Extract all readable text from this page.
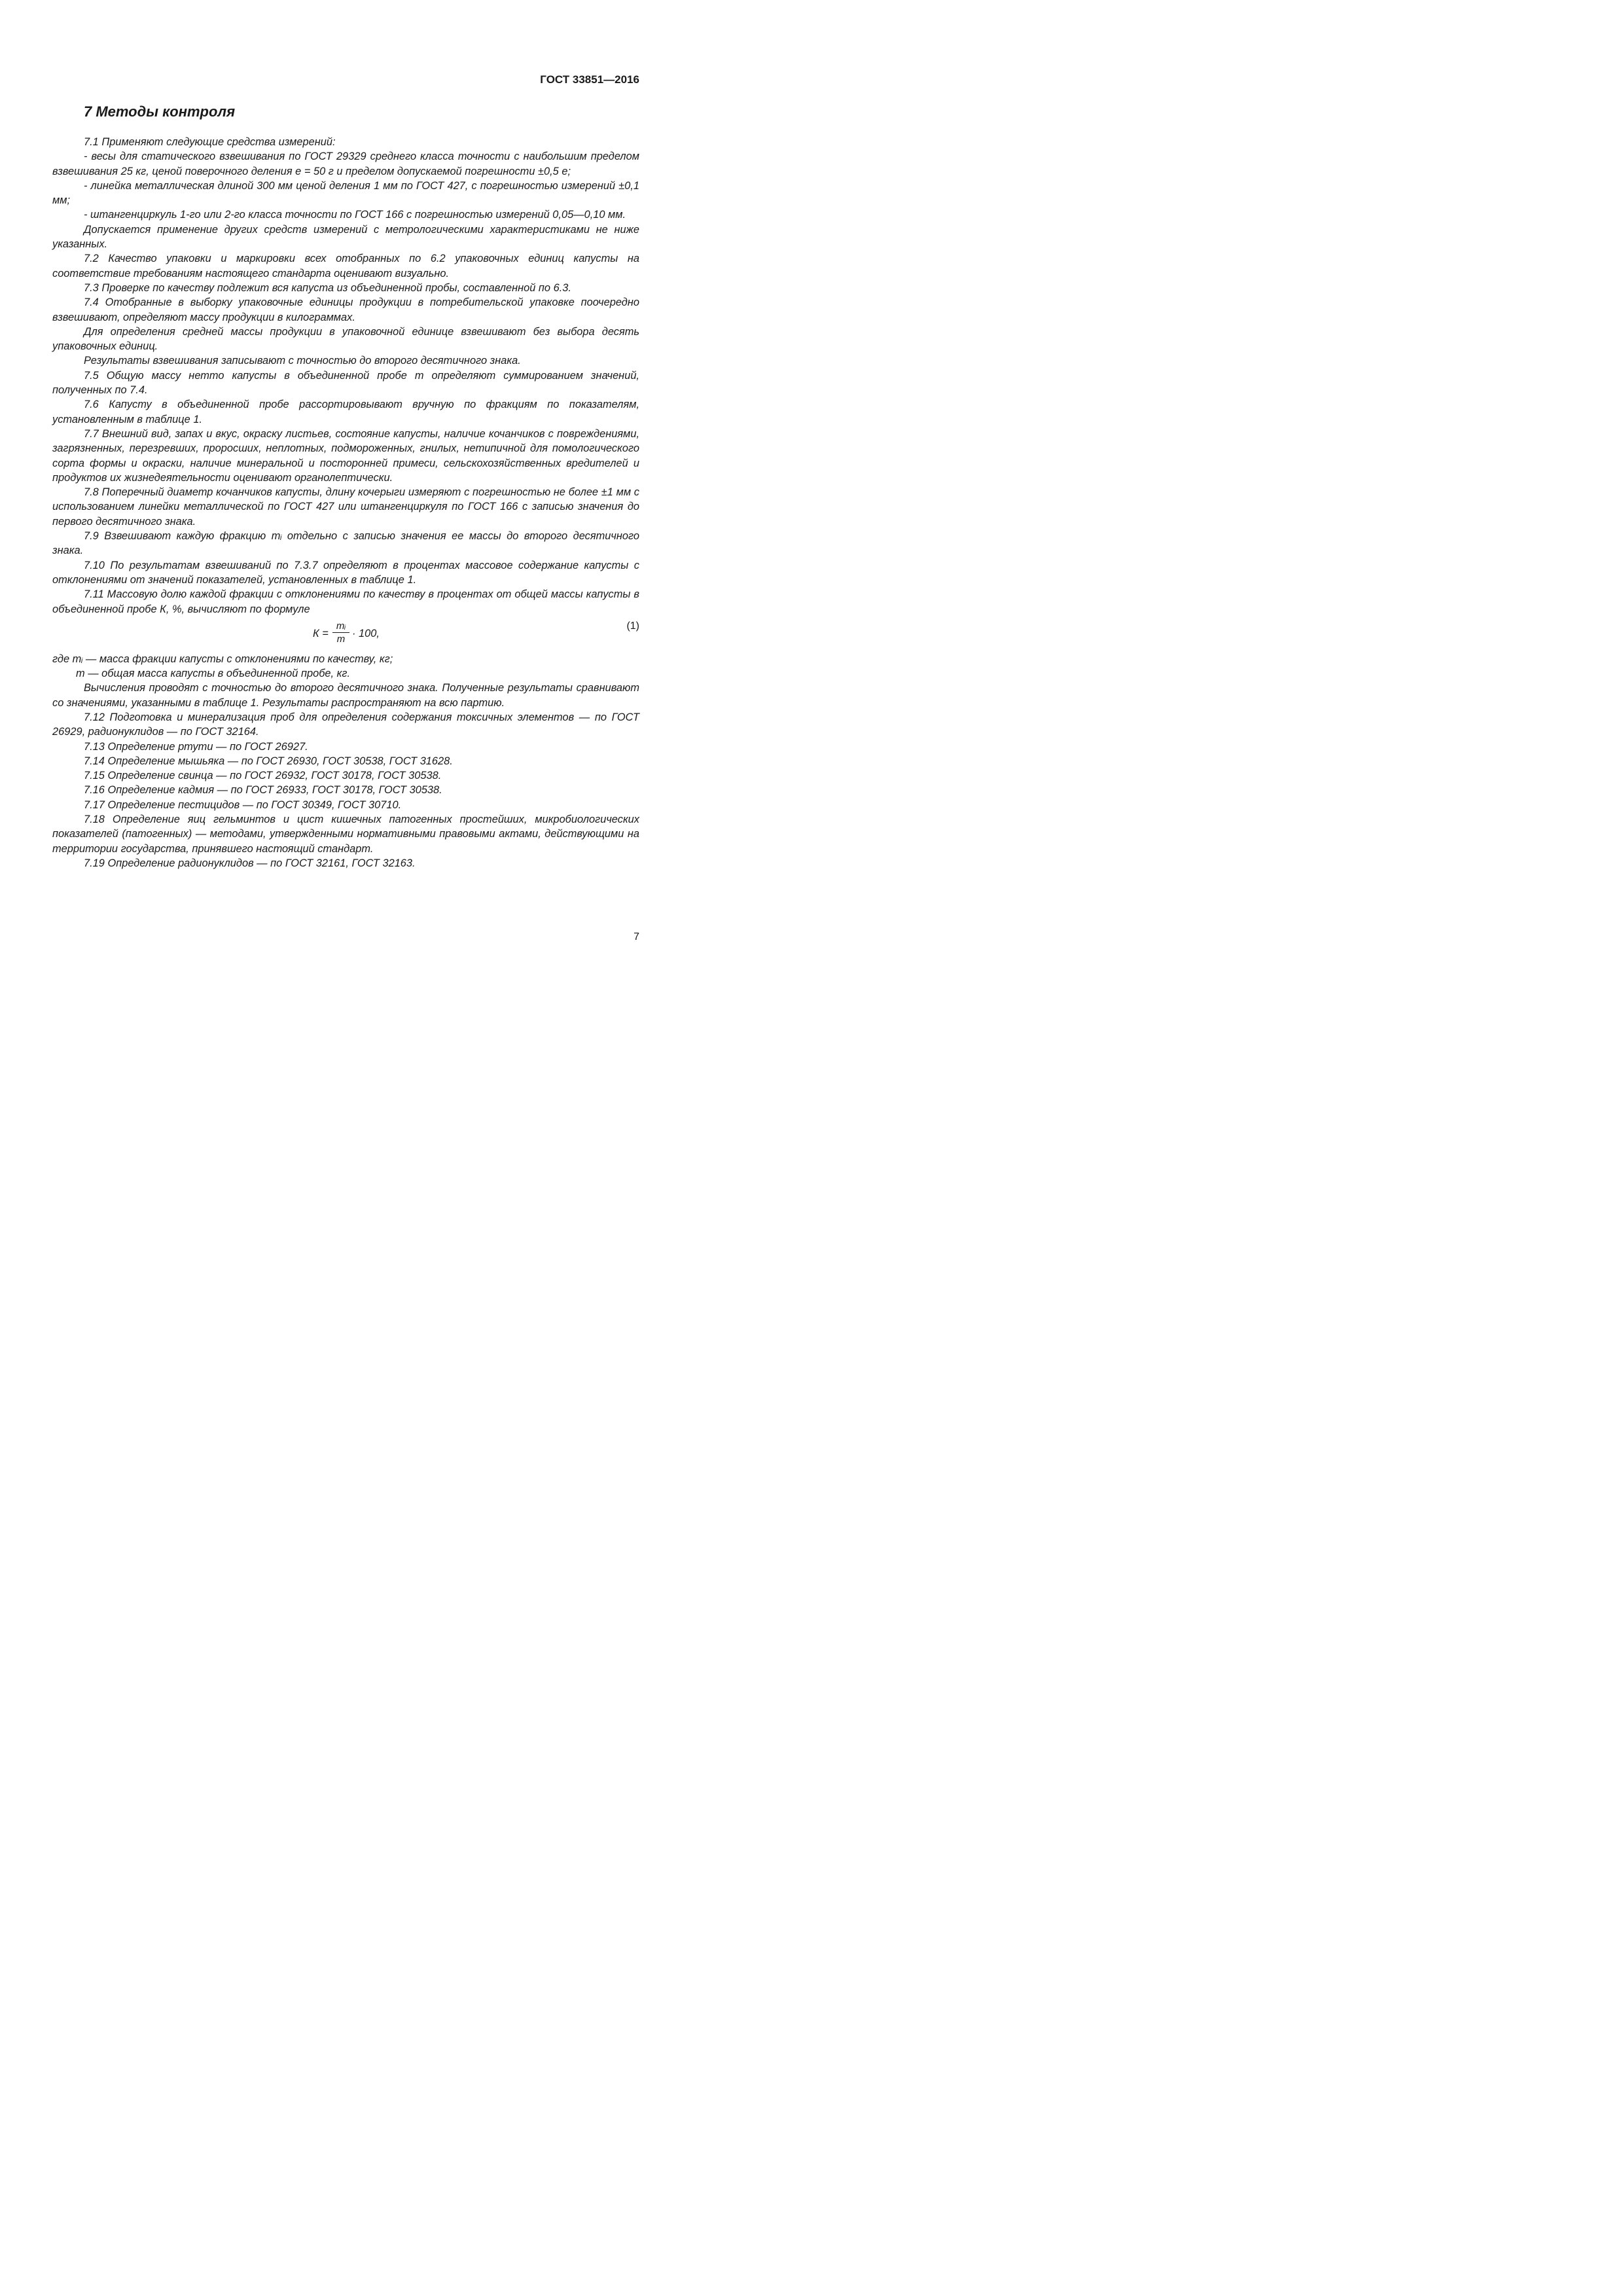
ГОСТ 33851—2016
7 Методы контроля

7.1 Применяют следующие средства измерений:

- весы для статического взвешивания по ГОСТ 29329 среднего класса точности с наибольшим пределом взвешивания 25 кг, ценой поверочного деления е = 50 г и пределом допускаемой погрешности ±0,5 е;

- линейка металлическая длиной 300 мм ценой деления 1 мм по ГОСТ 427, с погрешностью измерений ±0,1 мм;

- штангенциркуль 1-го или 2-го класса точности по ГОСТ 166 с погрешностью измерений 0,05—0,10 мм.

Допускается применение других средств измерений с метрологическими характеристиками не ниже указанных.

7.2 Качество упаковки и маркировки всех отобранных по 6.2 упаковочных единиц капусты на соответствие требованиям настоящего стандарта оценивают визуально.

7.3 Проверке по качеству подлежит вся капуста из объединенной пробы, составленной по 6.3.

7.4 Отобранные в выборку упаковочные единицы продукции в потребительской упаковке поочередно взвешивают, определяют массу продукции в килограммах.

Для определения средней массы продукции в упаковочной единице взвешивают без выбора десять упаковочных единиц.

Результаты взвешивания записывают с точностью до второго десятичного знака.

7.5 Общую массу нетто капусты в объединенной пробе m определяют суммированием значений, полученных по 7.4.

7.6 Капусту в объединенной пробе рассортировывают вручную по фракциям по показателям, установленным в таблице 1.

7.7 Внешний вид, запах и вкус, окраску листьев, состояние капусты, наличие кочанчиков с повреждениями, загрязненных, перезревших, проросших, неплотных, подмороженных, гнилых, нетипичной для помологического сорта формы и окраски, наличие минеральной и посторонней примеси, сельскохозяйственных вредителей и продуктов их жизнедеятельности оценивают органолептически.

7.8 Поперечный диаметр кочанчиков капусты, длину кочерыги измеряют с погрешностью не более ±1 мм с использованием линейки металлической по ГОСТ 427 или штангенциркуля по ГОСТ 166 с записью значения до первого десятичного знака.

7.9 Взвешивают каждую фракцию mᵢ отдельно с записью значения ее массы до второго десятичного знака.

7.10 По результатам взвешиваний по 7.3.7 определяют в процентах массовое содержание капусты с отклонениями от значений показателей, установленных в таблице 1.

7.11 Массовую долю каждой фракции с отклонениями по качеству в процентах от общей массы капусты в объединенной пробе К, %, вычисляют по формуле

$К = \frac{\text{mᵢ}}{m} \cdot 100$,
(1)

где mᵢ — масса фракции капусты с отклонениями по качеству, кг;

m — общая масса капусты в объединенной пробе, кг.

Вычисления проводят с точностью до второго десятичного знака. Полученные результаты сравнивают со значениями, указанными в таблице 1. Результаты распространяют на всю партию.

7.12 Подготовка и минерализация проб для определения содержания токсичных элементов — по ГОСТ 26929, радионуклидов — по ГОСТ 32164.

7.13 Определение ртути — по ГОСТ 26927.

7.14 Определение мышьяка — по ГОСТ 26930, ГОСТ 30538, ГОСТ 31628.

7.15 Определение свинца — по ГОСТ 26932, ГОСТ 30178, ГОСТ 30538.

7.16 Определение кадмия — по ГОСТ 26933, ГОСТ 30178, ГОСТ 30538.

7.17 Определение пестицидов — по ГОСТ 30349, ГОСТ 30710.

7.18 Определение яиц гельминтов и цист кишечных патогенных простейших, микробиологических показателей (патогенных) — методами, утвержденными нормативными правовыми актами, действующими на территории государства, принявшего настоящий стандарт.

7.19 Определение радионуклидов — по ГОСТ 32161, ГОСТ 32163.

7
